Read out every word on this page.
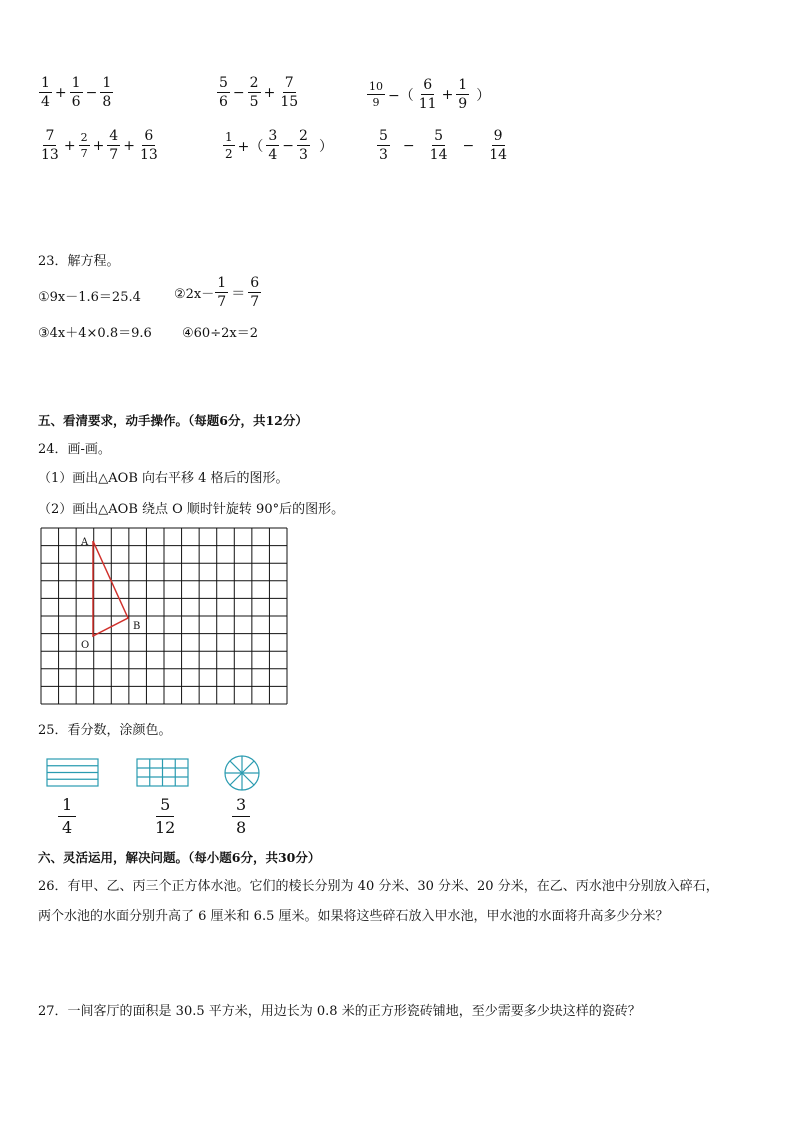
$\frac{1}{4} + \frac{1}{6} - \frac{1}{8}$	$\frac{5}{6} - \frac{2}{5} + \frac{7}{15}$	$\frac{10}{9}$ −（ $\frac{6}{11} + \frac{1}{9}$ ）
$\frac{7}{13} + \frac{2}{7} + \frac{4}{7} + \frac{6}{13}$	$\frac{1}{2}$ +（ $\frac{3}{4} - \frac{2}{3}$ ）	$\frac{5}{3} - \frac{5}{14} - \frac{9}{14}$
23．解方程。
①9x－1.6＝25.4	②2x－ $\frac{1}{7} = \frac{6}{7}$
③4x＋4×0.8＝9.6 ④60÷2x＝2
五、看清要求，动手操作。（每题6分，共12分）
24．画-画。
（1）画出△AOB 向右平移 4 格后的图形。
（2）画出△AOB 绕点 O 顺时针旋转 90°后的图形。
A
B
O
25．看分数，涂颜色。
1
4
5
12
3
8
六、灵活运用，解决问题。（每小题6分，共30分）
26．有甲、乙、丙三个正方体水池。它们的棱长分别为 40 分米、30 分米、20 分米，在乙、丙水池中分别放入碎石，
两个水池的水面分别升高了 6 厘米和 6.5 厘米。如果将这些碎石放入甲水池，甲水池的水面将升高多少分米？
27．一间客厅的面积是 30.5 平方米，用边长为 0.8 米的正方形瓷砖铺地，至少需要多少块这样的瓷砖？
